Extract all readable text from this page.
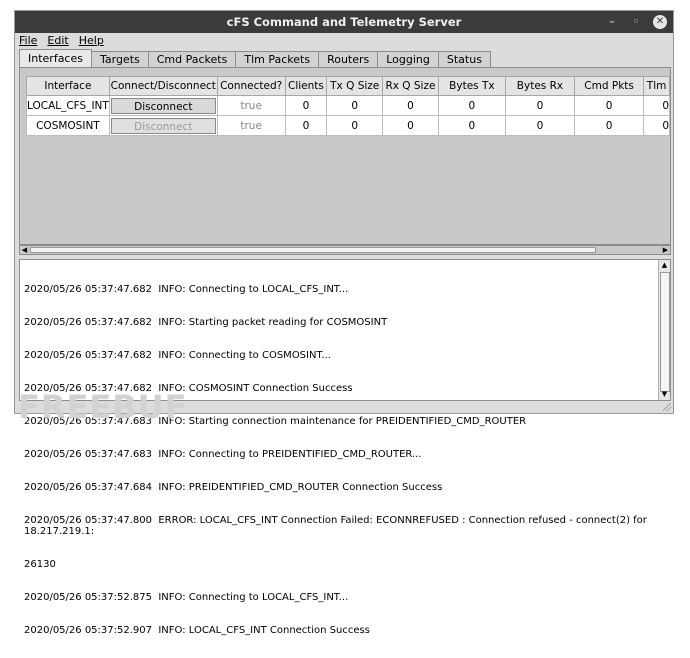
cFS Command and Telemetry Server	–	◦	✕
File Edit Help
Interfaces	Targets	Cmd Packets	Tlm Packets	Routers	Logging	Status
Interface	Connect/Disconnect	Connected?	Clients	Tx Q Size	Rx Q Size	Bytes Tx	Bytes Rx	Cmd Pkts	Tlm
LOCAL_CFS_INT	Disconnect	true	0	0	0	0	0	0	0
COSMOSINT	Disconnect	true	0	0	0	0	0	0	0
◀	▶

2020/05/26 05:37:47.682  INFO: Connecting to LOCAL_CFS_INT...

2020/05/26 05:37:47.682  INFO: Starting packet reading for COSMOSINT

2020/05/26 05:37:47.682  INFO: Connecting to COSMOSINT...

2020/05/26 05:37:47.682  INFO: COSMOSINT Connection Success

2020/05/26 05:37:47.683  INFO: Starting connection maintenance for PREIDENTIFIED_CMD_ROUTER

2020/05/26 05:37:47.683  INFO: Connecting to PREIDENTIFIED_CMD_ROUTER...

2020/05/26 05:37:47.684  INFO: PREIDENTIFIED_CMD_ROUTER Connection Success

2020/05/26 05:37:47.800  ERROR: LOCAL_CFS_INT Connection Failed: ECONNREFUSED : Connection refused - connect(2) for 18.217.219.1:

26130

2020/05/26 05:37:52.875  INFO: Connecting to LOCAL_CFS_INT...

2020/05/26 05:37:52.907  INFO: LOCAL_CFS_INT Connection Success

▲
▼
FREEBUF
